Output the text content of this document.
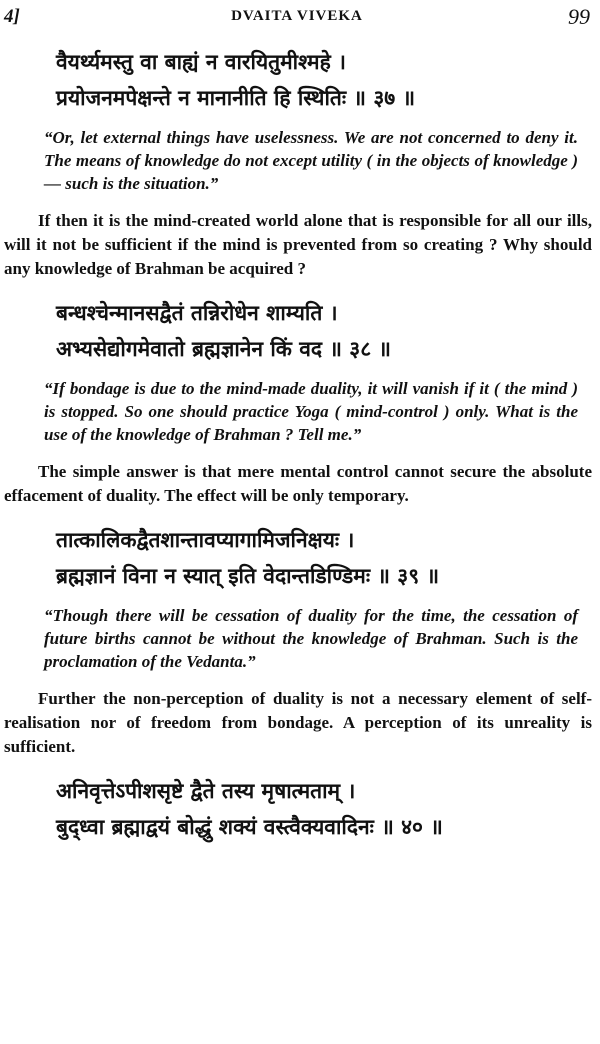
4]	DVAITA VIVEKA	99
वैयर्थ्यमस्तु वा बाह्यं न वारयितुमीश्महे ।
प्रयोजनमपेक्षन्ते न मानानीति हि स्थितिः ॥ ३७ ॥

“Or, let external things have uselessness. We are not concerned to deny it. The means of knowledge do not except utility ( in the objects of knowledge ) — such is the situation.”

If then it is the mind-created world alone that is responsible for all our ills, will it not be sufficient if the mind is prevented from so creating ? Why should any knowledge of Brahman be acquired ?

बन्धश्चेन्मानसद्वैतं तन्निरोधेन शाम्यति ।
अभ्यसेद्योगमेवातो ब्रह्मज्ञानेन किं वद ॥ ३८ ॥

“If bondage is due to the mind-made duality, it will vanish if it ( the mind ) is stopped. So one should practice Yoga ( mind-control ) only. What is the use of the knowledge of Brahman ? Tell me.”

The simple answer is that mere mental control cannot secure the absolute effacement of duality. The effect will be only temporary.

तात्कालिकद्वैतशान्तावप्यागामिजनिक्षयः ।
ब्रह्मज्ञानं विना न स्यात् इति वेदान्तडिण्डिमः ॥ ३९ ॥

“Though there will be cessation of duality for the time, the cessation of future births cannot be without the knowledge of Brahman. Such is the proclamation of the Vedanta.”

Further the non-perception of duality is not a necessary element of self-realisation nor of freedom from bondage. A perception of its unreality is sufficient.

अनिवृत्तेऽपीशसृष्टे द्वैते तस्य मृषात्मताम् ।
बुद्ध्वा ब्रह्माद्वयं बोद्धुं शक्यं वस्त्वैक्यवादिनः ॥ ४० ॥
